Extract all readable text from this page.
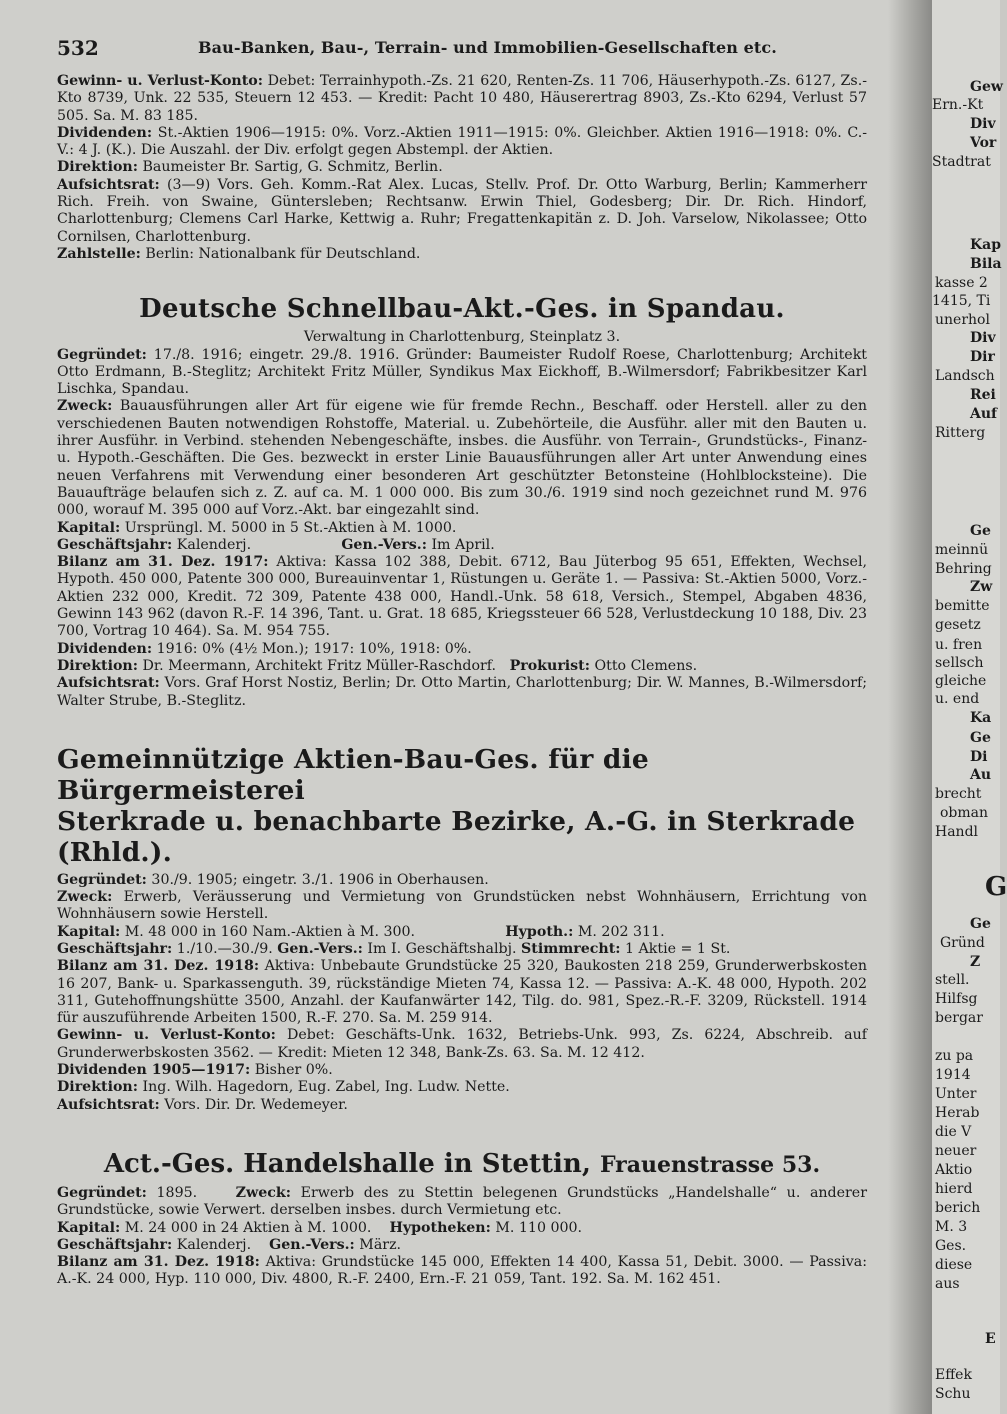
532	Bau-Banken, Bau-, Terrain- und Immobilien-Gesellschaften etc.

Gewinn- u. Verlust-Konto: Debet: Terrainhypoth.-Zs. 21 620, Renten-Zs. 11 706, Häuserhypoth.-Zs. 6127, Zs.-Kto 8739, Unk. 22 535, Steuern 12 453. — Kredit: Pacht 10 480, Häuserertrag 8903, Zs.-Kto 6294, Verlust 57 505. Sa. M. 83 185.

Dividenden: St.-Aktien 1906—1915: 0%. Vorz.-Aktien 1911—1915: 0%. Gleichber. Aktien 1916—1918: 0%. C.-V.: 4 J. (K.). Die Auszahl. der Div. erfolgt gegen Abstempl. der Aktien.

Direktion: Baumeister Br. Sartig, G. Schmitz, Berlin.

Aufsichtsrat: (3—9) Vors. Geh. Komm.-Rat Alex. Lucas, Stellv. Prof. Dr. Otto Warburg, Berlin; Kammerherr Rich. Freih. von Swaine, Güntersleben; Rechtsanw. Erwin Thiel, Godesberg; Dir. Dr. Rich. Hindorf, Charlottenburg; Clemens Carl Harke, Kettwig a. Ruhr; Fregattenkapitän z. D. Joh. Varselow, Nikolassee; Otto Cornilsen, Charlottenburg.

Zahlstelle: Berlin: Nationalbank für Deutschland.

Deutsche Schnellbau-Akt.-Ges. in Spandau.

Verwaltung in Charlottenburg, Steinplatz 3.

Gegründet: 17./8. 1916; eingetr. 29./8. 1916. Gründer: Baumeister Rudolf Roese, Charlottenburg; Architekt Otto Erdmann, B.-Steglitz; Architekt Fritz Müller, Syndikus Max Eickhoff, B.-Wilmersdorf; Fabrikbesitzer Karl Lischka, Spandau.

Zweck: Bauausführungen aller Art für eigene wie für fremde Rechn., Beschaff. oder Herstell. aller zu den verschiedenen Bauten notwendigen Rohstoffe, Material. u. Zubehörteile, die Ausführ. aller mit den Bauten u. ihrer Ausführ. in Verbind. stehenden Nebengeschäfte, insbes. die Ausführ. von Terrain-, Grundstücks-, Finanz- u. Hypoth.-Geschäften. Die Ges. bezweckt in erster Linie Bauausführungen aller Art unter Anwendung eines neuen Verfahrens mit Verwendung einer besonderen Art geschützter Betonsteine (Hohlblocksteine). Die Bauaufträge belaufen sich z. Z. auf ca. M. 1 000 000. Bis zum 30./6. 1919 sind noch gezeichnet rund M. 976 000, worauf M. 395 000 auf Vorz.-Akt. bar eingezahlt sind.

Kapital: Ursprüngl. M. 5000 in 5 St.-Aktien à M. 1000.

Geschäftsjahr: Kalenderj.	Gen.-Vers.: Im April.

Bilanz am 31. Dez. 1917: Aktiva: Kassa 102 388, Debit. 6712, Bau Jüterbog 95 651, Effekten, Wechsel, Hypoth. 450 000, Patente 300 000, Bureauinventar 1, Rüstungen u. Geräte 1. — Passiva: St.-Aktien 5000, Vorz.-Aktien 232 000, Kredit. 72 309, Patente 438 000, Handl.-Unk. 58 618, Versich., Stempel, Abgaben 4836, Gewinn 143 962 (davon R.-F. 14 396, Tant. u. Grat. 18 685, Kriegssteuer 66 528, Verlustdeckung 10 188, Div. 23 700, Vortrag 10 464). Sa. M. 954 755.

Dividenden: 1916: 0% (4½ Mon.); 1917: 10%, 1918: 0%.

Direktion: Dr. Meermann, Architekt Fritz Müller-Raschdorf. Prokurist: Otto Clemens.

Aufsichtsrat: Vors. Graf Horst Nostiz, Berlin; Dr. Otto Martin, Charlottenburg; Dir. W. Mannes, B.-Wilmersdorf; Walter Strube, B.-Steglitz.

Gemeinnützige Aktien-Bau-Ges. für die Bürgermeisterei
Sterkrade u. benachbarte Bezirke, A.-G. in Sterkrade (Rhld.).

Gegründet: 30./9. 1905; eingetr. 3./1. 1906 in Oberhausen.

Zweck: Erwerb, Veräusserung und Vermietung von Grundstücken nebst Wohnhäusern, Errichtung von Wohnhäusern sowie Herstell.

Kapital: M. 48 000 in 160 Nam.-Aktien à M. 300.	Hypoth.: M. 202 311.

Geschäftsjahr: 1./10.—30./9. Gen.-Vers.: Im I. Geschäftshalbj. Stimmrecht: 1 Aktie = 1 St.

Bilanz am 31. Dez. 1918: Aktiva: Unbebaute Grundstücke 25 320, Baukosten 218 259, Grunderwerbskosten 16 207, Bank- u. Sparkassenguth. 39, rückständige Mieten 74, Kassa 12. — Passiva: A.-K. 48 000, Hypoth. 202 311, Gutehoffnungshütte 3500, Anzahl. der Kaufanwärter 142, Tilg. do. 981, Spez.-R.-F. 3209, Rückstell. 1914 für auszuführende Arbeiten 1500, R.-F. 270. Sa. M. 259 914.

Gewinn- u. Verlust-Konto: Debet: Geschäfts-Unk. 1632, Betriebs-Unk. 993, Zs. 6224, Abschreib. auf Grunderwerbskosten 3562. — Kredit: Mieten 12 348, Bank-Zs. 63. Sa. M. 12 412.

Dividenden 1905—1917: Bisher 0%.

Direktion: Ing. Wilh. Hagedorn, Eug. Zabel, Ing. Ludw. Nette.

Aufsichtsrat: Vors. Dir. Dr. Wedemeyer.

Act.-Ges. Handelshalle in Stettin, Frauenstrasse 53.

Gegründet: 1895.	Zweck: Erwerb des zu Stettin belegenen Grundstücks „Handelshalle“ u. anderer Grundstücke, sowie Verwert. derselben insbes. durch Vermietung etc.

Kapital: M. 24 000 in 24 Aktien à M. 1000. Hypotheken: M. 110 000.

Geschäftsjahr: Kalenderj. Gen.-Vers.: März.

Bilanz am 31. Dez. 1918: Aktiva: Grundstücke 145 000, Effekten 14 400, Kassa 51, Debit. 3000. — Passiva: A.-K. 24 000, Hyp. 110 000, Div. 4800, R.-F. 2400, Ern.-F. 21 059, Tant. 192. Sa. M. 162 451.

Gew
Ern.-Kt
Div
Vor
Stadtrat
Kap
Bila
kasse 2
1415, Ti
unerhol
Div
Dir
Landsch
Rei
Auf
Ritterg
Ge
meinnü
Behring
Zw
bemitte
gesetz
u. fren
sellsch
gleiche
u. end
Ka
Ge
Di
Au
brecht
obman
Handl
G
Ge
Gründ
Z
stell.
Hilfsg
bergar
zu pa
1914
Unter
Herab
die V
neuer
Aktio
hierd
berich
M. 3
Ges.
diese
aus
E
Effek
Schu
